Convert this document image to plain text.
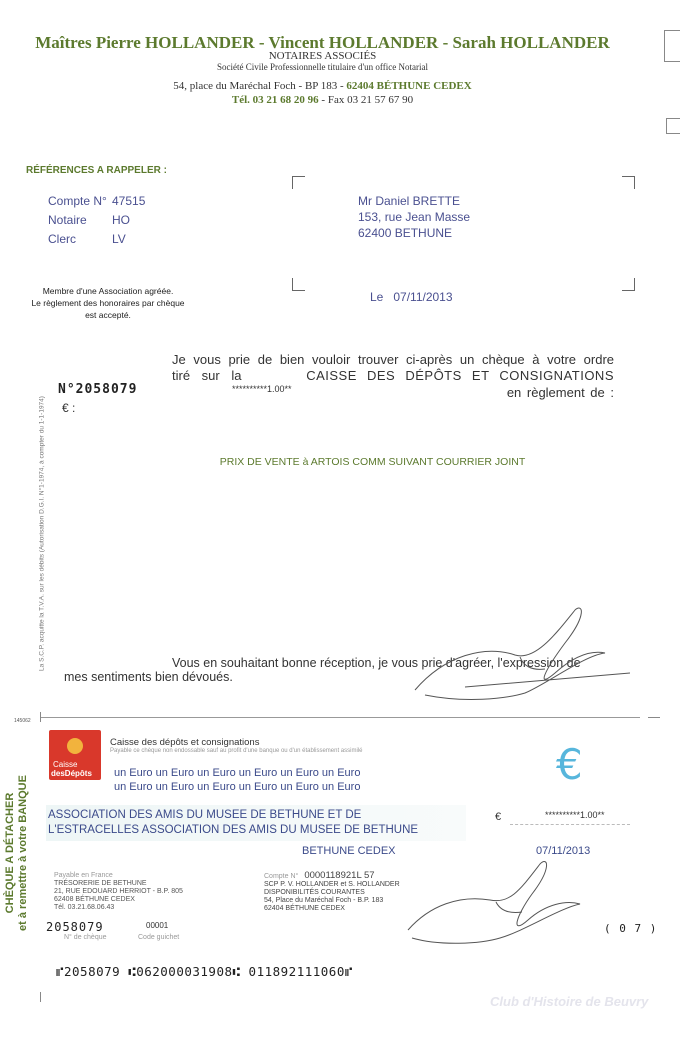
Maîtres Pierre HOLLANDER - Vincent HOLLANDER - Sarah HOLLANDER
NOTAIRES ASSOCIÉS
Société Civile Professionnelle titulaire d'un office Notarial
54, place du Maréchal Foch - BP 183 - 62404 BÉTHUNE CEDEX
Tél. 03 21 68 20 96 - Fax 03 21 57 67 90
RÉFÉRENCES A RAPPELER :
Compte N° 47515
Notaire	HO
Clerc	LV
Membre d'une Association agréée.
Le règlement des honoraires par chèque
est accepté.
Mr Daniel BRETTE
153, rue Jean Masse
62400 BETHUNE
Le 07/11/2013
N°2058079
€ :
Je vous prie de bien vouloir trouver ci-après un chèque à votre ordre
tiré sur la	CAISSE DES DÉPÔTS ET CONSIGNATIONS
**********1.00**	en règlement de :
PRIX DE VENTE à ARTOIS COMM SUIVANT COURRIER JOINT
La S.C.P. acquitte la T.V.A. sur les débits (Autorisation D.G.I. N°1-1974, à compter du 1-1-1974)	Vous en souhaitant bonne réception, je vous prie d'agréer, l'expression de
mes sentiments bien dévoués.
145062
CHÈQUE A DÉTACHER et à remettre à votre BANQUE
Caisse
desDépôts
Caisse des dépôts et consignations
Payable ce chèque non endossable sauf au profit d'une banque ou d'un établissement assimilé	€
un Euro un Euro un Euro un Euro un Euro un Euro
un Euro un Euro un Euro un Euro un Euro un Euro
ASSOCIATION DES AMIS DU MUSEE DE BETHUNE ET DE
L'ESTRACELLES ASSOCIATION DES AMIS DU MUSEE DE BETHUNE
€	**********1.00**
BETHUNE CEDEX	07/11/2013
Payable en France
TRÉSORERIE DE BETHUNE
21, RUE EDOUARD HERRIOT - B.P. 805
62408 BÉTHUNE CEDEX
Tél. 03.21.68.06.43
Compte N° 0000118921L 57
SCP P. V. HOLLANDER et S. HOLLANDER
DISPONIBILITÉS COURANTES
54, Place du Maréchal Foch - B.P. 183
62404 BÉTHUNE CEDEX
2058079
N° de chèque
00001
Code guichet
( 0 7 )
⑈2058079 ⑆062000031908⑆ 011892111060⑈
Club d'Histoire de Beuvry
